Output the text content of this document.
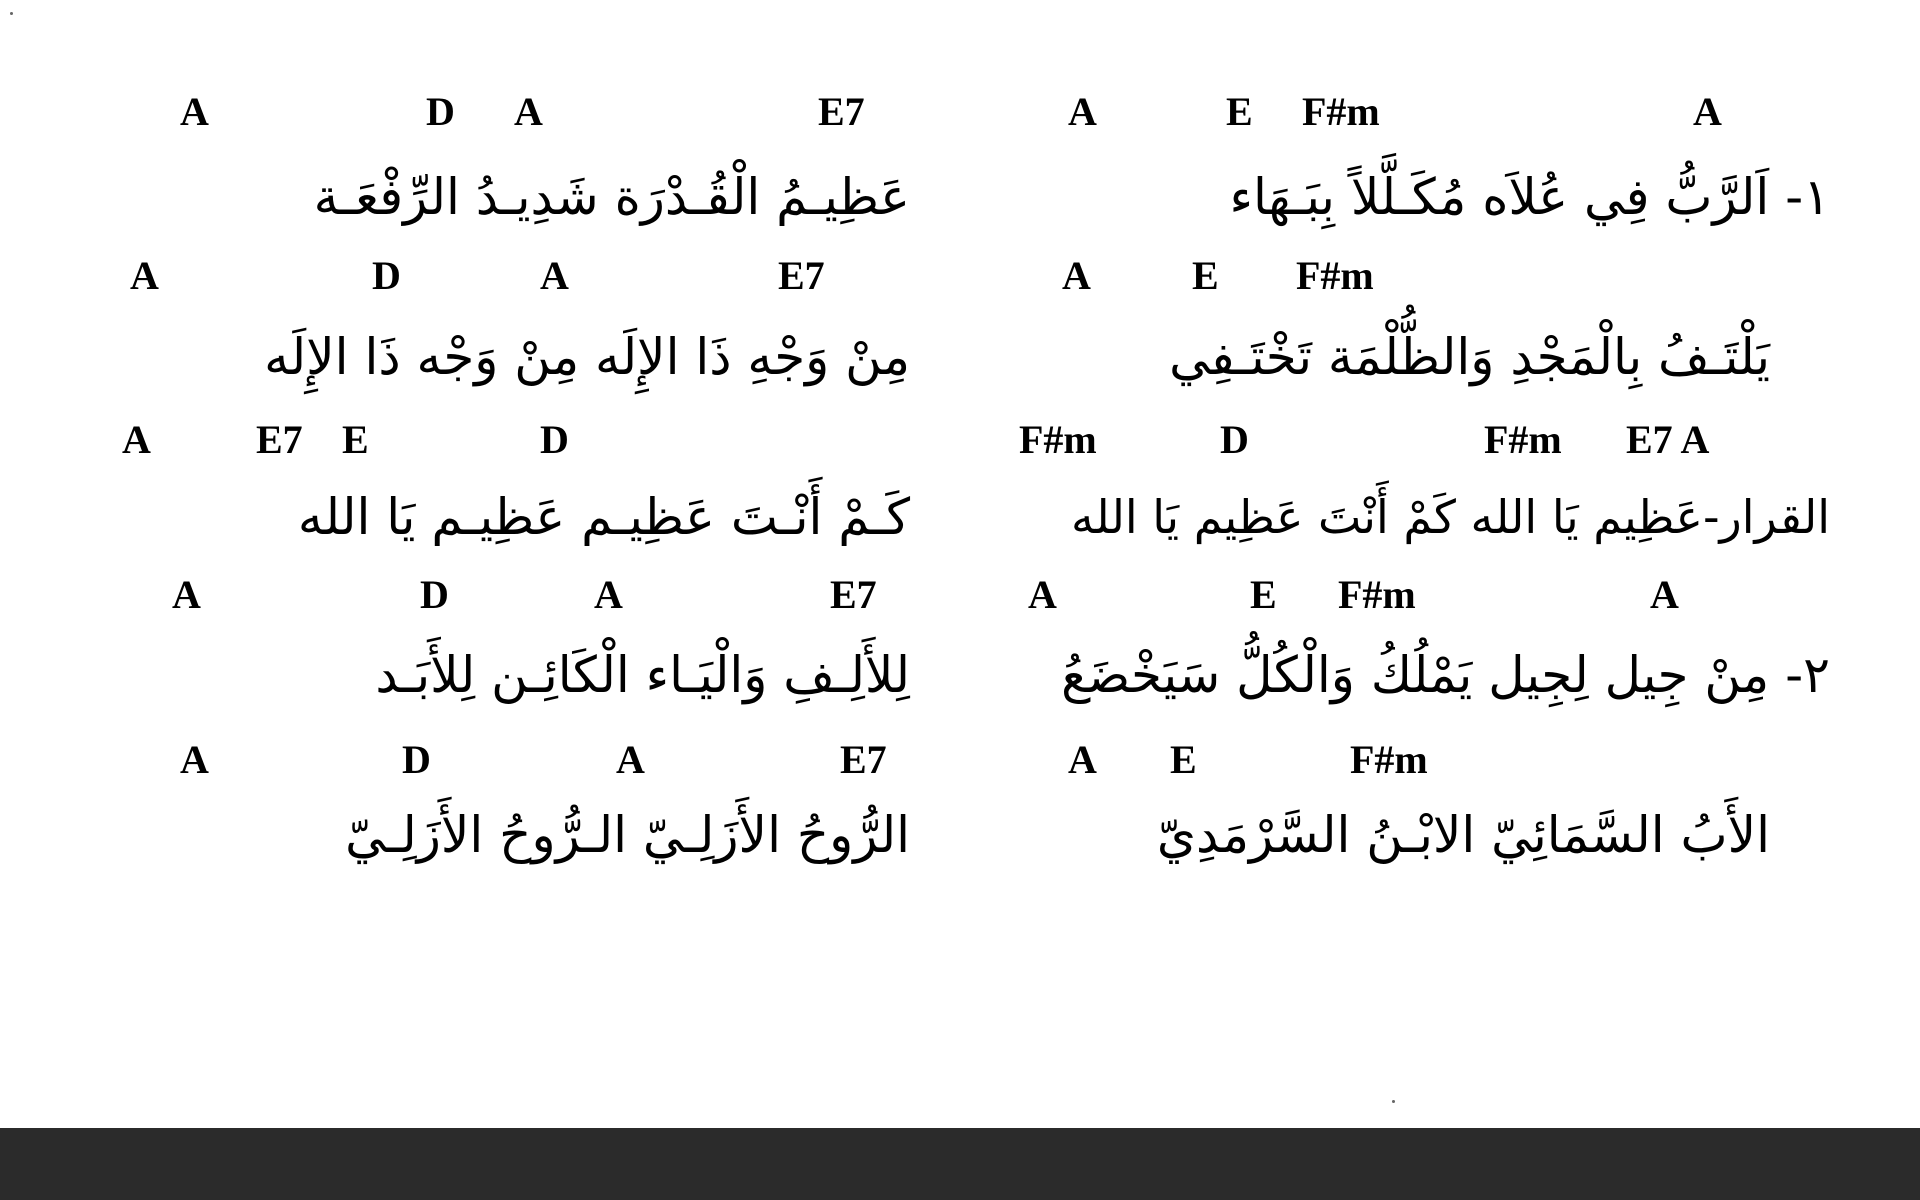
A	E F#m	A
١- اَلرَّبُّ فِي عُلاَه مُكَـلَّلاً بِبَـهَاء
A	E F#m
يَلْتَـفُ بِالْمَجْدِ وَالظُّلْمَة تَخْتَـفِي
F#m	D	F#m E7 A
القرار-عَظِيم يَا الله كَمْ أَنْتَ عَظِيم يَا الله
A	E F#m	A
٢- مِنْ جِيل لِجِيل يَمْلُكُ وَالْكُلُّ سَيَخْضَعُ
A E	F#m
الأَبُ السَّمَائِيّ الابْـنُ السَّرْمَدِيّ
A	D A	E7
عَظِيـمُ الْقُـدْرَة شَدِيـدُ الرِّفْعَـة
A	D	A	E7
مِنْ وَجْهِ ذَا الإِلَه مِنْ وَجْه ذَا الإِلَه
A	E7 E	D
كَـمْ أَنْـتَ عَظِيـم عَظِيـم يَا الله
A	D	A	E7
لِلأَلِـفِ وَالْيَـاء الْكَائِـن لِلأَبَـد
A	D	A	E7
الرُّوحُ الأَزَلِـيّ الـرُّوحُ الأَزَلِـيّ
